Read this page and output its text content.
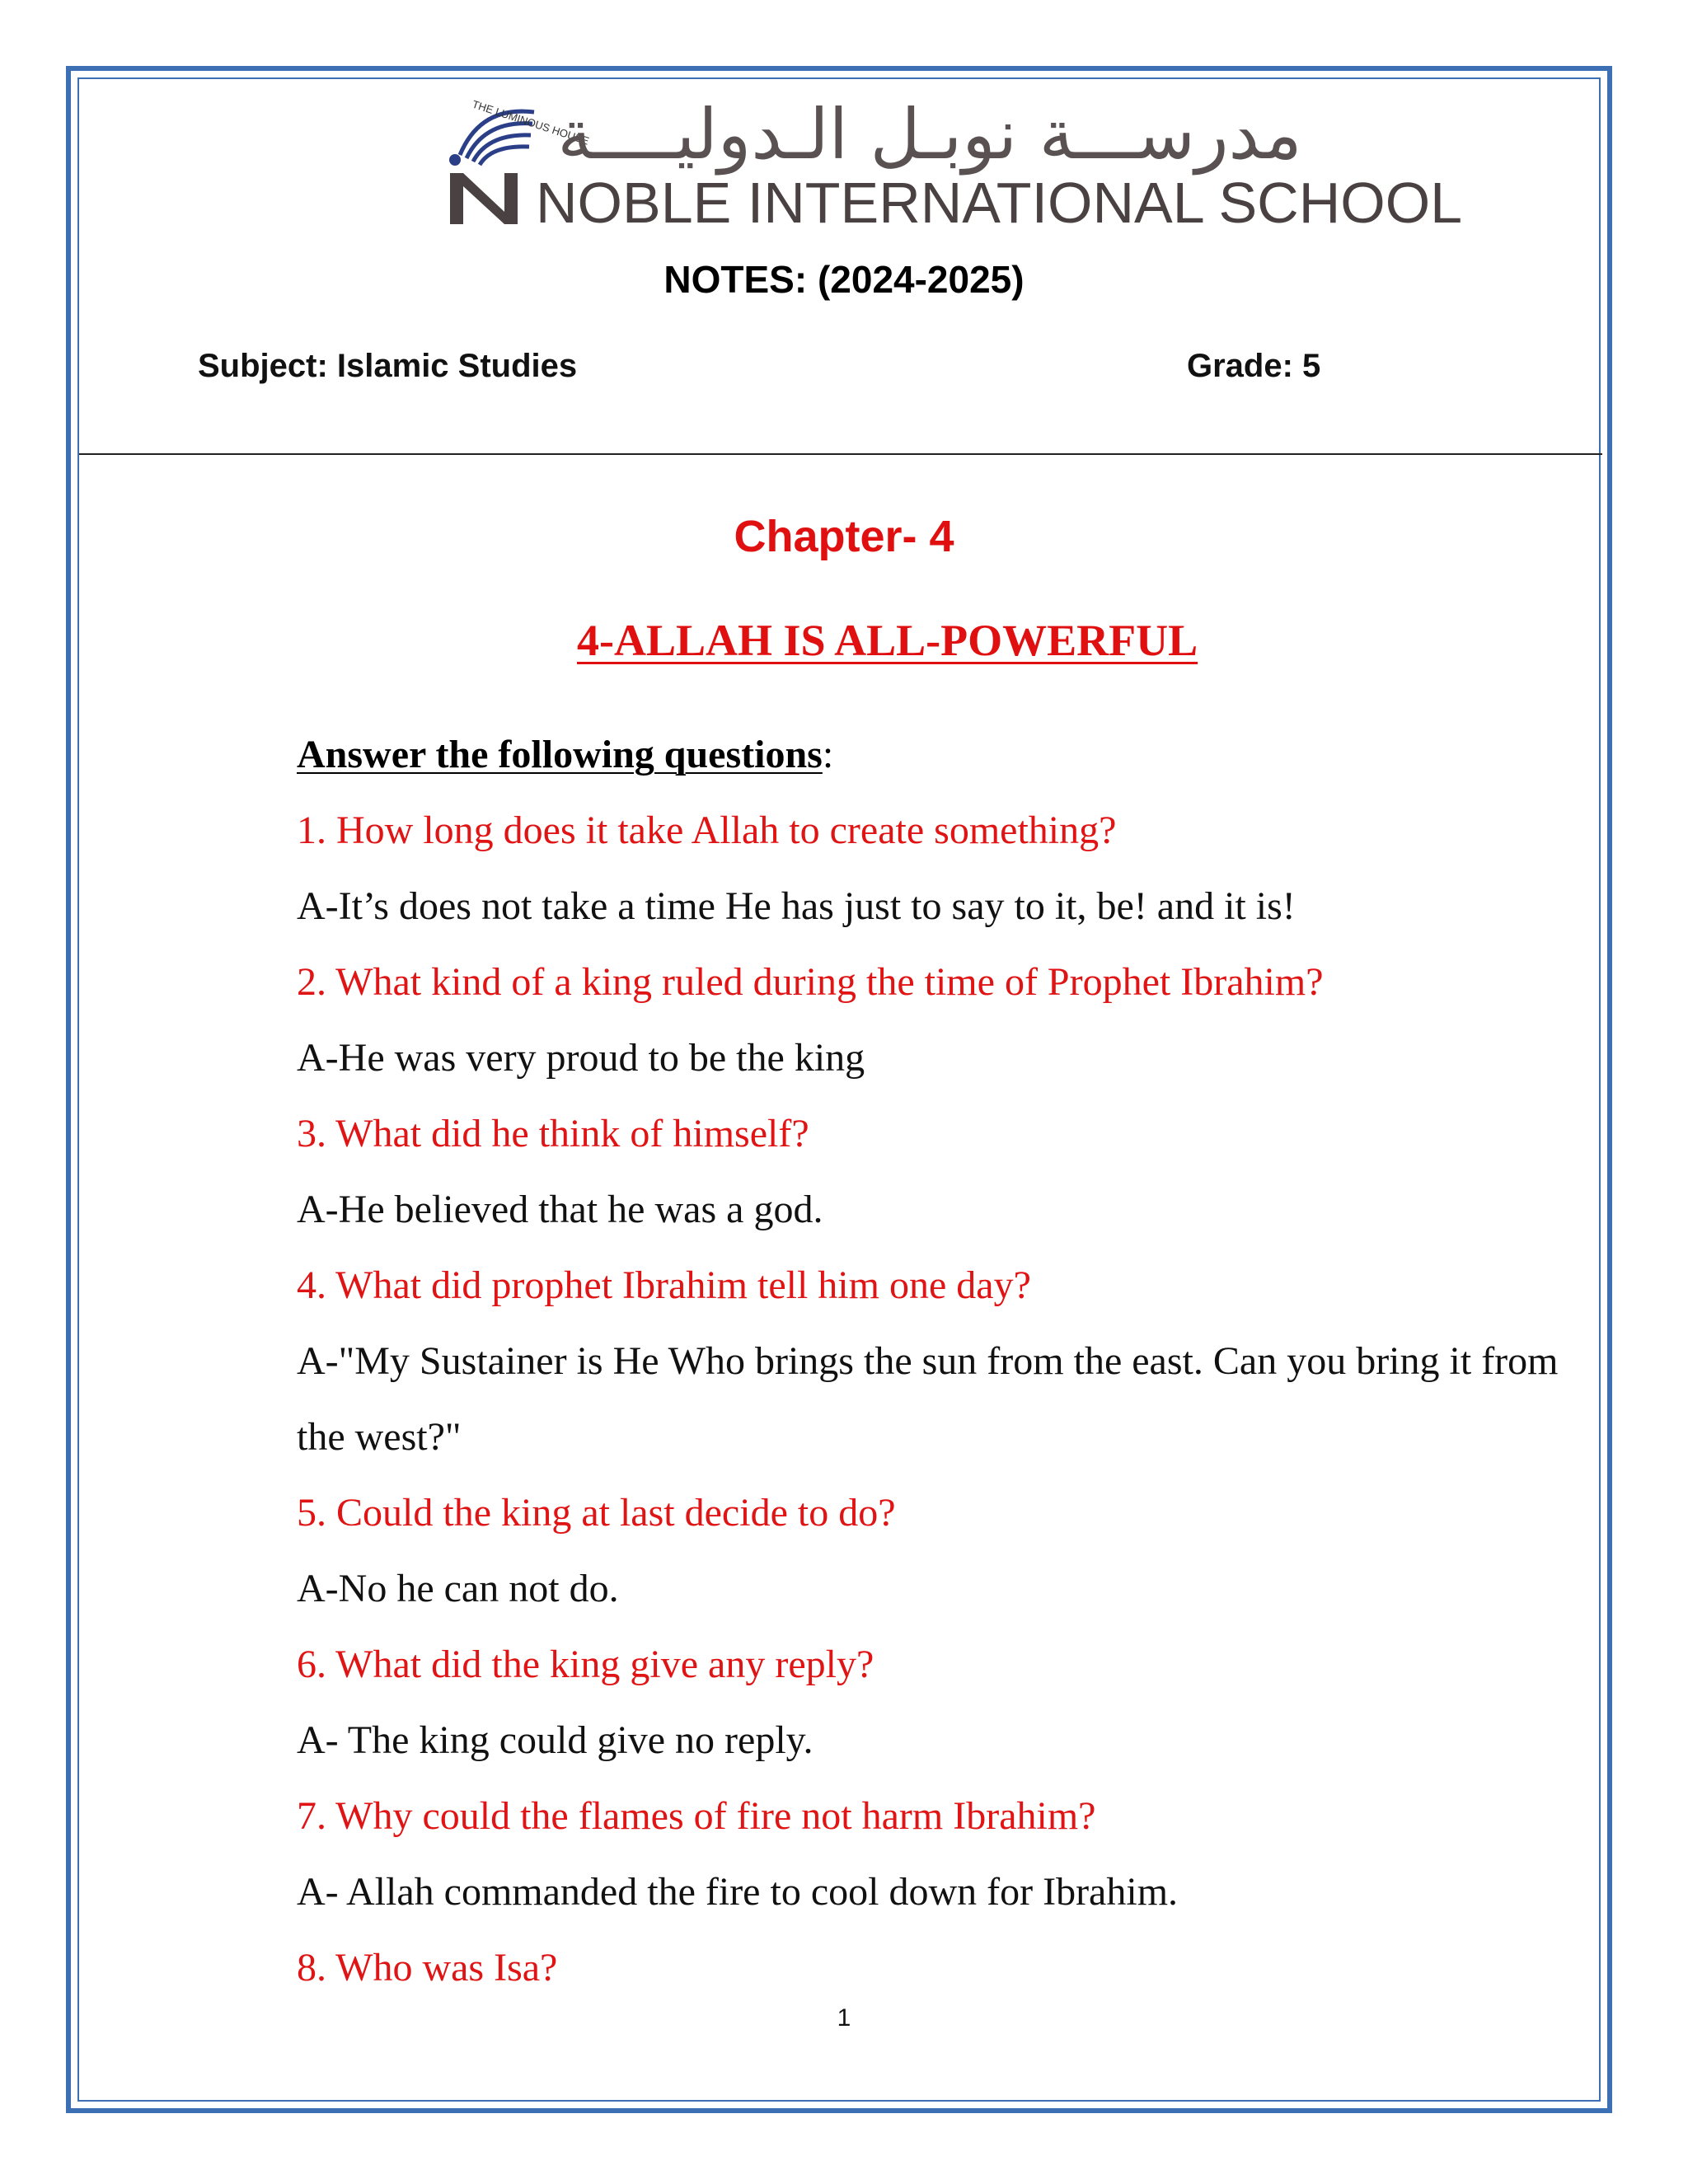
THE LUMINOUS HOUSE
مدرســـة نوبـل الـدوليــــة
NOBLE INTERNATIONAL SCHOOL
NOTES: (2024-2025)
Subject: Islamic Studies	Grade: 5
Chapter- 4
4-ALLAH IS ALL-POWERFUL
Answer the following questions:
1. How long does it take Allah to create something?
A-It’s does not take a time He has just to say to it, be! and it is!
2. What kind of a king ruled during the time of Prophet Ibrahim?
A-He was very proud to be the king
3. What did he think of himself?
A-He believed that he was a god.
4. What did prophet Ibrahim tell him one day?
A-"My Sustainer is He Who brings the sun from the east. Can you bring it from the west?"
5. Could the king at last decide to do?
A-No he can not do.
6. What did the king give any reply?
A- The king could give no reply.
7. Why could the flames of fire not harm Ibrahim?
A- Allah commanded the fire to cool down for Ibrahim.
8. Who was Isa?
1
